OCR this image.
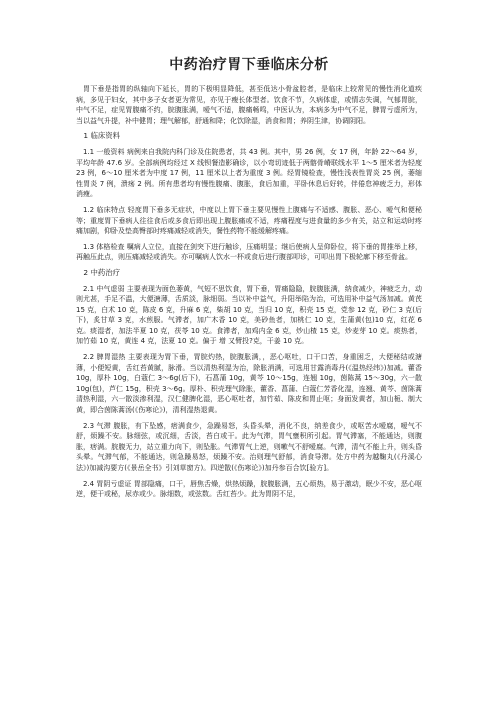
中药治疗胃下垂临床分析

胃下垂是指胃的纵轴向下延长，胃的下极明显降低，甚至低达小骨盆腔者，是临床上较常见的慢性消化道疾病，多见于妇女，其中多子女者更为常见，亦见于瘦长体型者。饮食不节，久病体虚，或情志失调，气郁胃脘，中气不足，症见胃腹痛不约，脘腹胀满，嗳气不适，腹痛畅鸣，中医认为，本病多为中气不足，脾胃亏虚所为，当以益气升提，补中健胃；理气解郁，舒通和降；化饮除湿，消食和胃；养阴生津，协调阴阳。

1 临床资料

1.1 一般资料 病例来自我院内科门诊及住院患者，共 43 例。其中，男 26 例，女 17 例，年龄 22～64 岁，平均年龄 47.6 岁。全部病例均经过 X 线钡餐造影确诊，以小弯切迹低于两髂骨嵴联线水平 1～5 厘米者为轻度 23 例，6～10 厘米者为中度 17 例，11 厘米以上者为重度 3 例。经胃镜检查，慢性浅表性胃炎 25 例，萎缩性胃炎 7 例，溃疡 2 例。所有患者均有慢性腹痛、腹胀，食后加重，平卧休息后好转，伴倦怠神疲乏力，形体消瘦。

1.2 临床特点 轻度胃下垂多无症状，中度以上胃下垂主要见慢性上腹痛与不适感、腹胀、恶心、嗳气和便秘等；重度胃下垂病人往往食后或多食后即出现上腹胀痛或不适，疼痛程度与进食量的多少有关，站立和运动时疼痛加剧，仰卧及垫高臀部时疼痛减轻或消失，餐性药物不能缓解疼痛。

1.3 体格检查 嘱病人立位，直接在剑突下进行触诊，压痛明显；继后使病人呈仰卧位，将下垂的胃推举上移，再触压此点，则压痛减轻或消失。亦可嘱病人饮水一杯或食后进行腹部叩诊，可叩出胃下极轮廓下移至骨盆。

2 中药治疗

2.1 中气虚弱 主要表现为面色萎黄，气短不思饮食，胃下垂，胃痛隐隐，脘腹胀满，纳食减少，神疲乏力，动则尤甚，手足不温，大便溏薄，舌质淡，脉细弱。当以补中益气，升阳举陷为治，可选用补中益气汤加减。黄芪 15 克，白术 10 克，陈皮 6 克，升麻 6 克，柴胡 10 克，当归 10 克，积壳 15 克，党参 12 克，砂仁 3 克(后下)，炙甘草 3 克，水煎服。气滞者，加广木香 10 克，美砂鱼者，加桃仁 10 克，生蒲黄(包)10 克，红花 6 克。痰湿者，加法半夏 10 克，茯苓 10 克。食滞者，加鸡内金 6 克，炒山楂 15 克，炒麦芽 10 克。痰热者，加竹茹 10 克，黄连 4 克，法夏 10 克。偏于 增 又臂投?克，干姜 10 克。

2.2 脾胃湿热 主要表现为胃下垂，胃脘灼热，脘腹胀满，，恶心呕吐，口干口苦，身重困乏，大便秘结或溏薄，小便短黄，舌红苔黄腻，脉滑。当以清热利湿为治，除胀消满，可选用甘露消毒丹(《温热经纬》)加减。藿香 10g，厚朴 10g，白蔻仁 3～6g(后下)，石菖蒲 10g，黄芩 10～15g，连翘 10g，茵陈蒿 15～30g，六一散 10g(包)，芦仁 15g，积壳 3～6g。厚朴、积壳理气除胀，藿香、菖蒲、白蔻仁芳香化湿，连翘、黄芩、茵陈蒿清热利湿，六一散淡渗利湿，汉仁健脾化湿，恶心呕吐者，加竹茹、陈皮和胃止呕；身面发黄者，加山栀、制大黄，即合茵陈蒿汤(《伤寒论》)，清利湿热退黄。

2.3 气滞 腹胀，有下坠感，痞满食少，急躁易怒，头昏头晕，消化不良，纳差食少，或呕苦水嗳腐，嗳气不舒，烦躁不安。脉细弦，或沉细，舌淡，苔白或干。此为气滞，胃气壅积所引起。胃气滞塞，不能通达，则腹胀，痞满。脘腹无力，站立重力向下，则坠胀。气滞胃气上逆，则嗽气不舒嗳腐。气滞，清气不能上升，则头昏头晕。气滞气郁，不能通达，则急躁易怒，烦躁不安。治则理气舒郁，消食导滞。处方中药为越鞠丸(《丹溪心法》)加减沟要方(《景岳全书》引刘草窗方)。四逆散(《伤寒论》)加丹参百合饮[验方]。

2.4 胃阴亏虚证 胃部隐痛，口干，唇焦舌燥，烘热烦躁，脘腹胀满，五心烦热，易于激动，眠少不安，恶心呕逆，便干或秘，尿赤或少。脉细数，或弦数。舌红苔少。此为胃阴不足，
